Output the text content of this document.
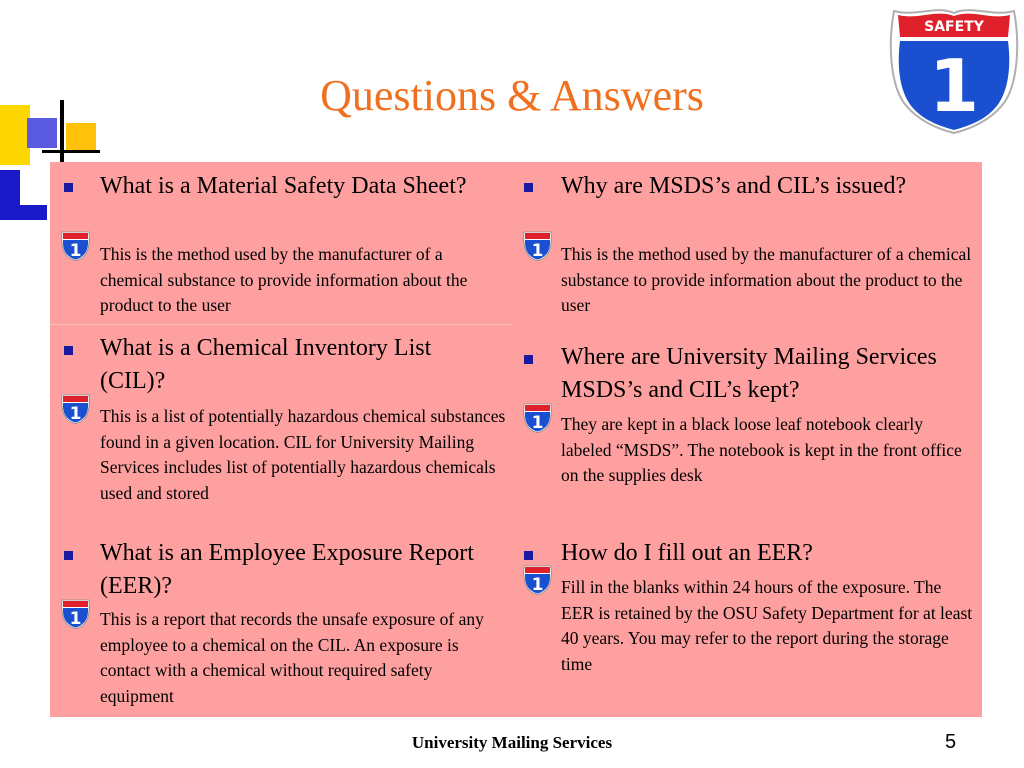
Questions & Answers
SAFETY
1
What is a Material Safety Data Sheet?
1 This is the method used by the manufacturer of a chemical substance to provide information about the product to the user
Why are MSDS’s and CIL’s issued?
1 This is the method used by the manufacturer of a chemical substance to provide information about the product to the user
What is a Chemical Inventory List (CIL)?
1 This is a list of potentially hazardous chemical substances found in a given location. CIL for University Mailing Services includes list of potentially hazardous chemicals used and stored
Where are University Mailing Services MSDS’s and CIL’s kept?
1 They are kept in a black loose leaf notebook clearly labeled “MSDS”. The notebook is kept in the front office on the supplies desk
What is an Employee Exposure Report (EER)?
1 This is a report that records the unsafe exposure of any employee to a chemical on the CIL. An exposure is contact with a chemical without required safety equipment
How do I fill out an EER?
1 Fill in the blanks within 24 hours of the exposure. The EER is retained by the OSU Safety Department for at least 40 years. You may refer to the report during the storage time
University Mailing Services	5
